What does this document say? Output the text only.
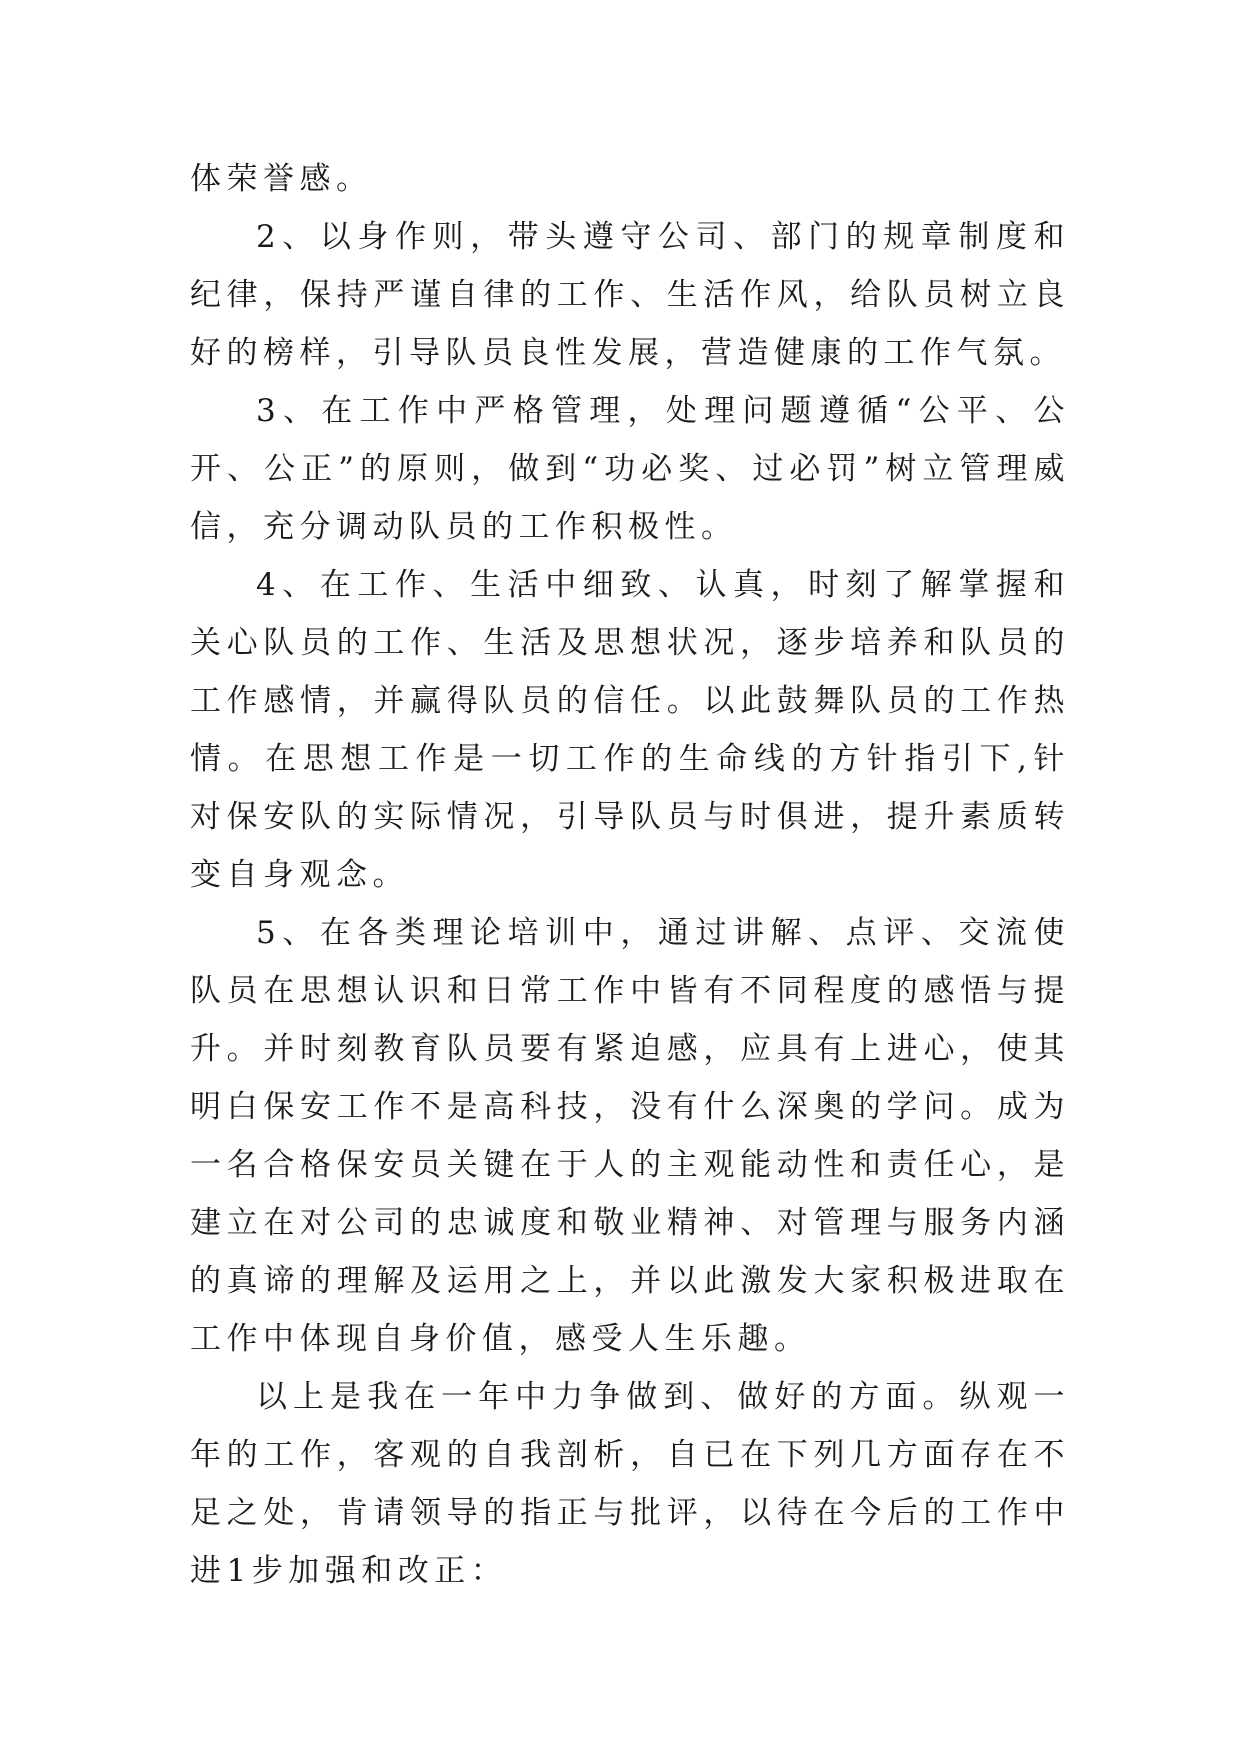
体荣誉感。

2、以身作则，带头遵守公司、部门的规章制度和纪律，保持严谨自律的工作、生活作风，给队员树立良好的榜样，引导队员良性发展，营造健康的工作气氛。

3、在工作中严格管理，处理问题遵循“公平、公开、公正”的原则，做到“功必奖、过必罚”树立管理威信，充分调动队员的工作积极性。

4、在工作、生活中细致、认真，时刻了解掌握和关心队员的工作、生活及思想状况，逐步培养和队员的工作感情，并赢得队员的信任。以此鼓舞队员的工作热情。在思想工作是一切工作的生命线的方针指引下,针对保安队的实际情况，引导队员与时俱进，提升素质转变自身观念。

5、在各类理论培训中，通过讲解、点评、交流使队员在思想认识和日常工作中皆有不同程度的感悟与提升。并时刻教育队员要有紧迫感，应具有上进心，使其明白保安工作不是高科技，没有什么深奥的学问。成为一名合格保安员关键在于人的主观能动性和责任心，是建立在对公司的忠诚度和敬业精神、对管理与服务内涵的真谛的理解及运用之上，并以此激发大家积极进取在工作中体现自身价值，感受人生乐趣。

以上是我在一年中力争做到、做好的方面。纵观一年的工作，客观的自我剖析，自已在下列几方面存在不足之处，肯请领导的指正与批评，以待在今后的工作中进1步加强和改正：
